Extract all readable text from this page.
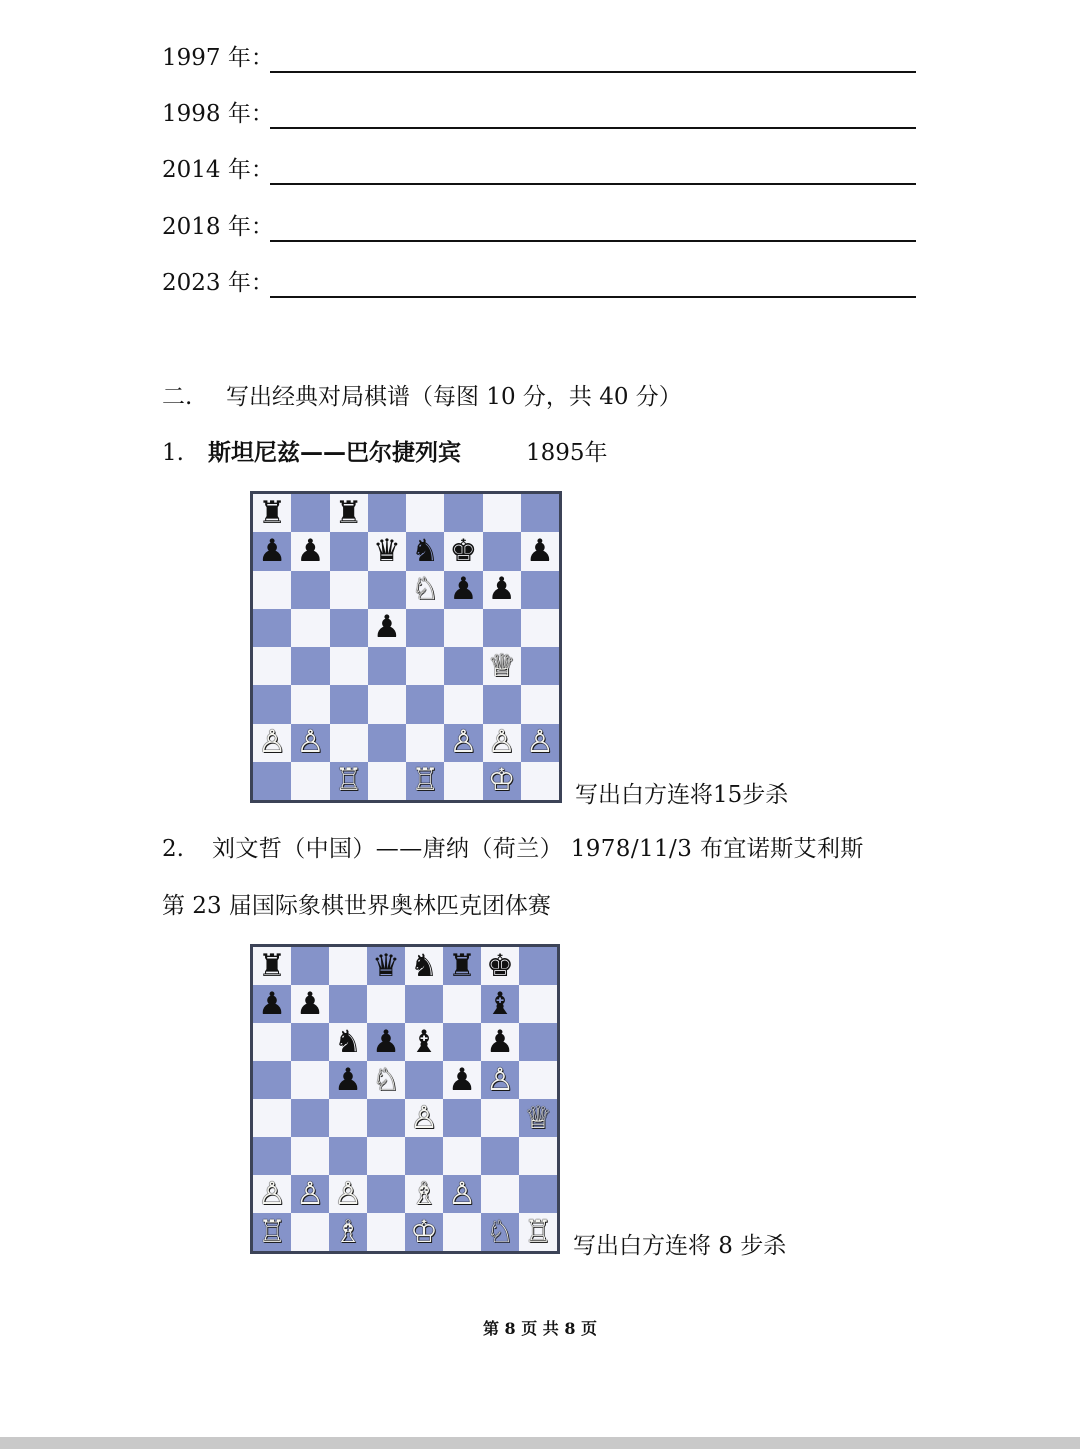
1997 年：
1998 年：
2014 年：
2018 年：
2023 年：
二. 写出经典对局棋谱（每图 10 分，共 40 分）
1. 斯坦尼兹——巴尔捷列宾	1895年
♜ ♜
♟ ♟ ♛ ♞ ♚ ♟
♘ ♟ ♟
♟
♕
♙ ♙	♙ ♙ ♙
♖ ♖ ♔	写出白方连将15步杀
2. 刘文哲（中国）——唐纳（荷兰） 1978/11/3 布宜诺斯艾利斯
第 23 届国际象棋世界奥林匹克团体赛
♜	♛ ♞ ♜ ♚
♟ ♟	♝
♞ ♟ ♝ ♟
♟ ♘ ♟ ♙
♙	♕
♙ ♙ ♙ ♗ ♙
♖ ♗ ♔ ♘ ♖ 写出白方连将 8 步杀
第 8 页 共 8 页
